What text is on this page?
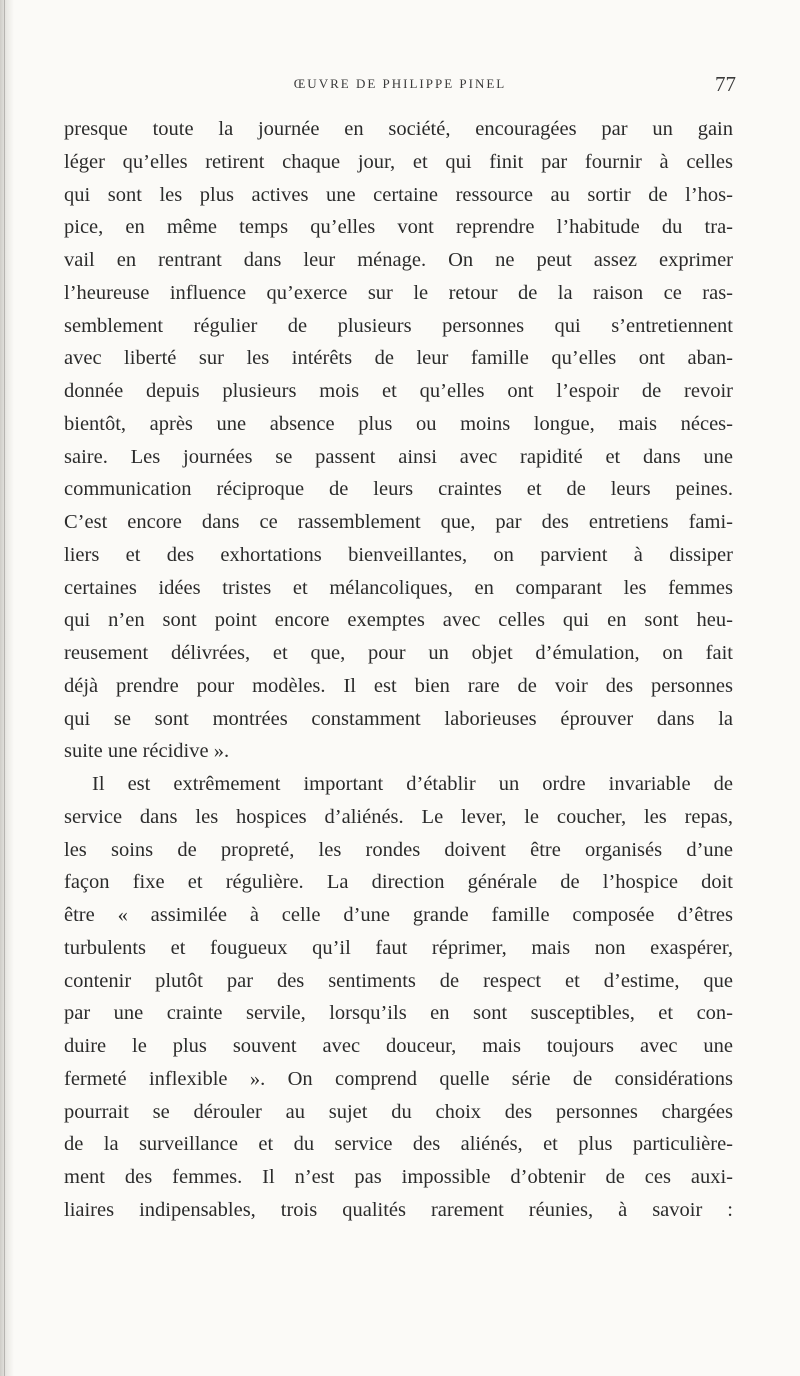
ŒUVRE DE PHILIPPE PINEL	77
presque toute la journée en société, encouragées par un gain
léger qu’elles retirent chaque jour, et qui finit par fournir à celles
qui sont les plus actives une certaine ressource au sortir de l’hos-
pice, en même temps qu’elles vont reprendre l’habitude du tra-
vail en rentrant dans leur ménage. On ne peut assez exprimer
l’heureuse influence qu’exerce sur le retour de la raison ce ras-
semblement régulier de plusieurs personnes qui s’entretiennent
avec liberté sur les intérêts de leur famille qu’elles ont aban-
donnée depuis plusieurs mois et qu’elles ont l’espoir de revoir
bientôt, après une absence plus ou moins longue, mais néces-
saire. Les journées se passent ainsi avec rapidité et dans une
communication réciproque de leurs craintes et de leurs peines.
C’est encore dans ce rassemblement que, par des entretiens fami-
liers et des exhortations bienveillantes, on parvient à dissiper
certaines idées tristes et mélancoliques, en comparant les femmes
qui n’en sont point encore exemptes avec celles qui en sont heu-
reusement délivrées, et que, pour un objet d’émulation, on fait
déjà prendre pour modèles. Il est bien rare de voir des personnes
qui se sont montrées constamment laborieuses éprouver dans la
suite une récidive ».
Il est extrêmement important d’établir un ordre invariable de
service dans les hospices d’aliénés. Le lever, le coucher, les repas,
les soins de propreté, les rondes doivent être organisés d’une
façon fixe et régulière. La direction générale de l’hospice doit
être « assimilée à celle d’une grande famille composée d’êtres
turbulents et fougueux qu’il faut réprimer, mais non exaspérer,
contenir plutôt par des sentiments de respect et d’estime, que
par une crainte servile, lorsqu’ils en sont susceptibles, et con-
duire le plus souvent avec douceur, mais toujours avec une
fermeté inflexible ». On comprend quelle série de considérations
pourrait se dérouler au sujet du choix des personnes chargées
de la surveillance et du service des aliénés, et plus particulière-
ment des femmes. Il n’est pas impossible d’obtenir de ces auxi-
liaires indipensables, trois qualités rarement réunies, à savoir :
